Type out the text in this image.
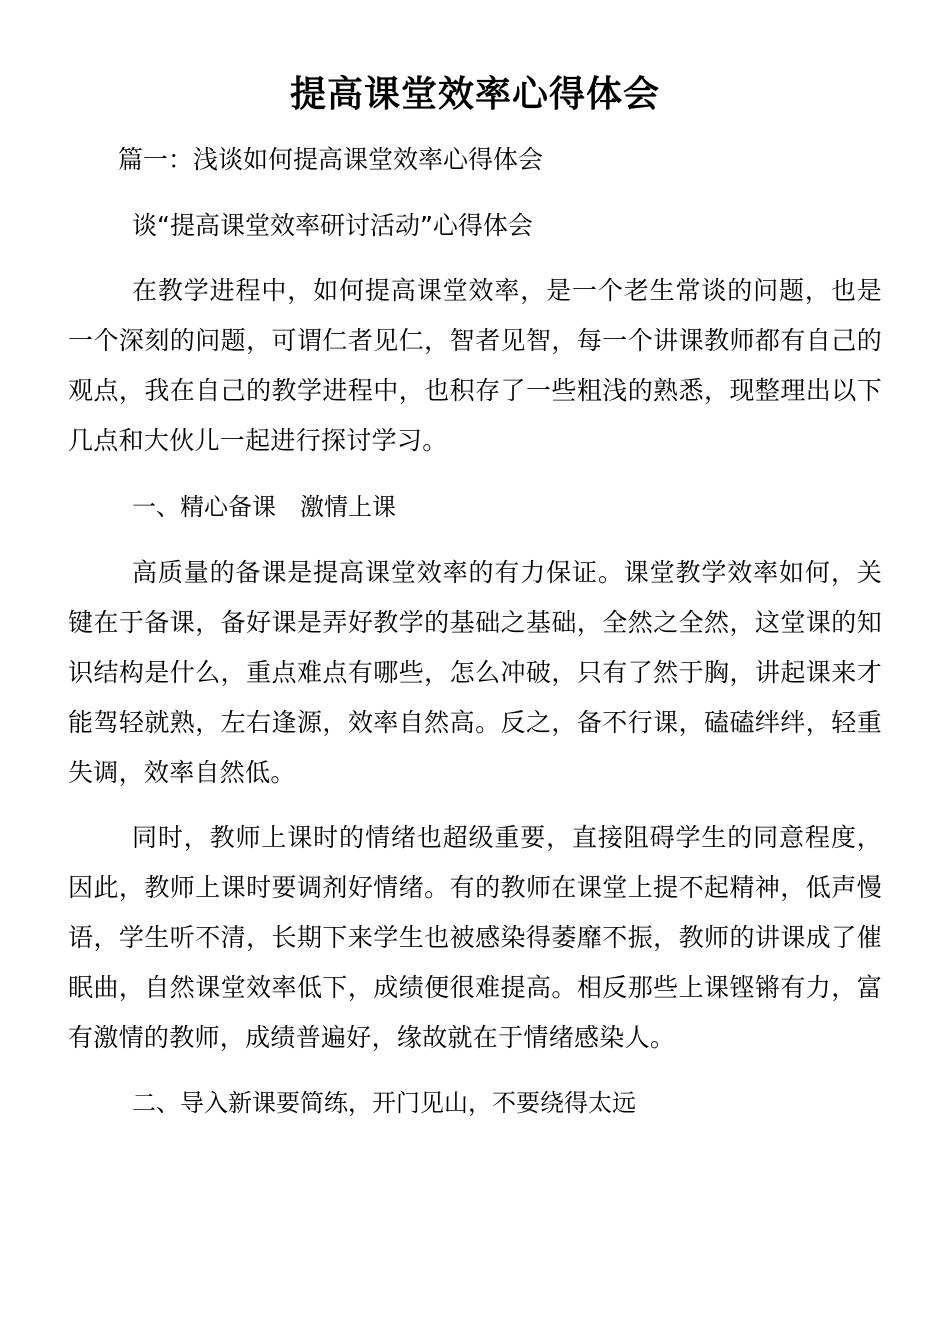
提高课堂效率心得体会
篇一：浅谈如何提高课堂效率心得体会
谈“提高课堂效率研讨活动”心得体会
在教学进程中，如何提高课堂效率，是一个老生常谈的问题，也是一个深刻的问题，可谓仁者见仁，智者见智，每一个讲课教师都有自己的观点，我在自己的教学进程中，也积存了一些粗浅的熟悉，现整理出以下几点和大伙儿一起进行探讨学习。
一、精心备课　激情上课
高质量的备课是提高课堂效率的有力保证。课堂教学效率如何，关键在于备课，备好课是弄好教学的基础之基础，全然之全然，这堂课的知识结构是什么，重点难点有哪些，怎么冲破，只有了然于胸，讲起课来才能驾轻就熟，左右逢源，效率自然高。反之，备不行课，磕磕绊绊，轻重失调，效率自然低。
同时，教师上课时的情绪也超级重要，直接阻碍学生的同意程度，因此，教师上课时要调剂好情绪。有的教师在课堂上提不起精神，低声慢语，学生听不清，长期下来学生也被感染得萎靡不振，教师的讲课成了催眠曲，自然课堂效率低下，成绩便很难提高。相反那些上课铿锵有力，富有激情的教师，成绩普遍好，缘故就在于情绪感染人。
二、导入新课要简练，开门见山，不要绕得太远
